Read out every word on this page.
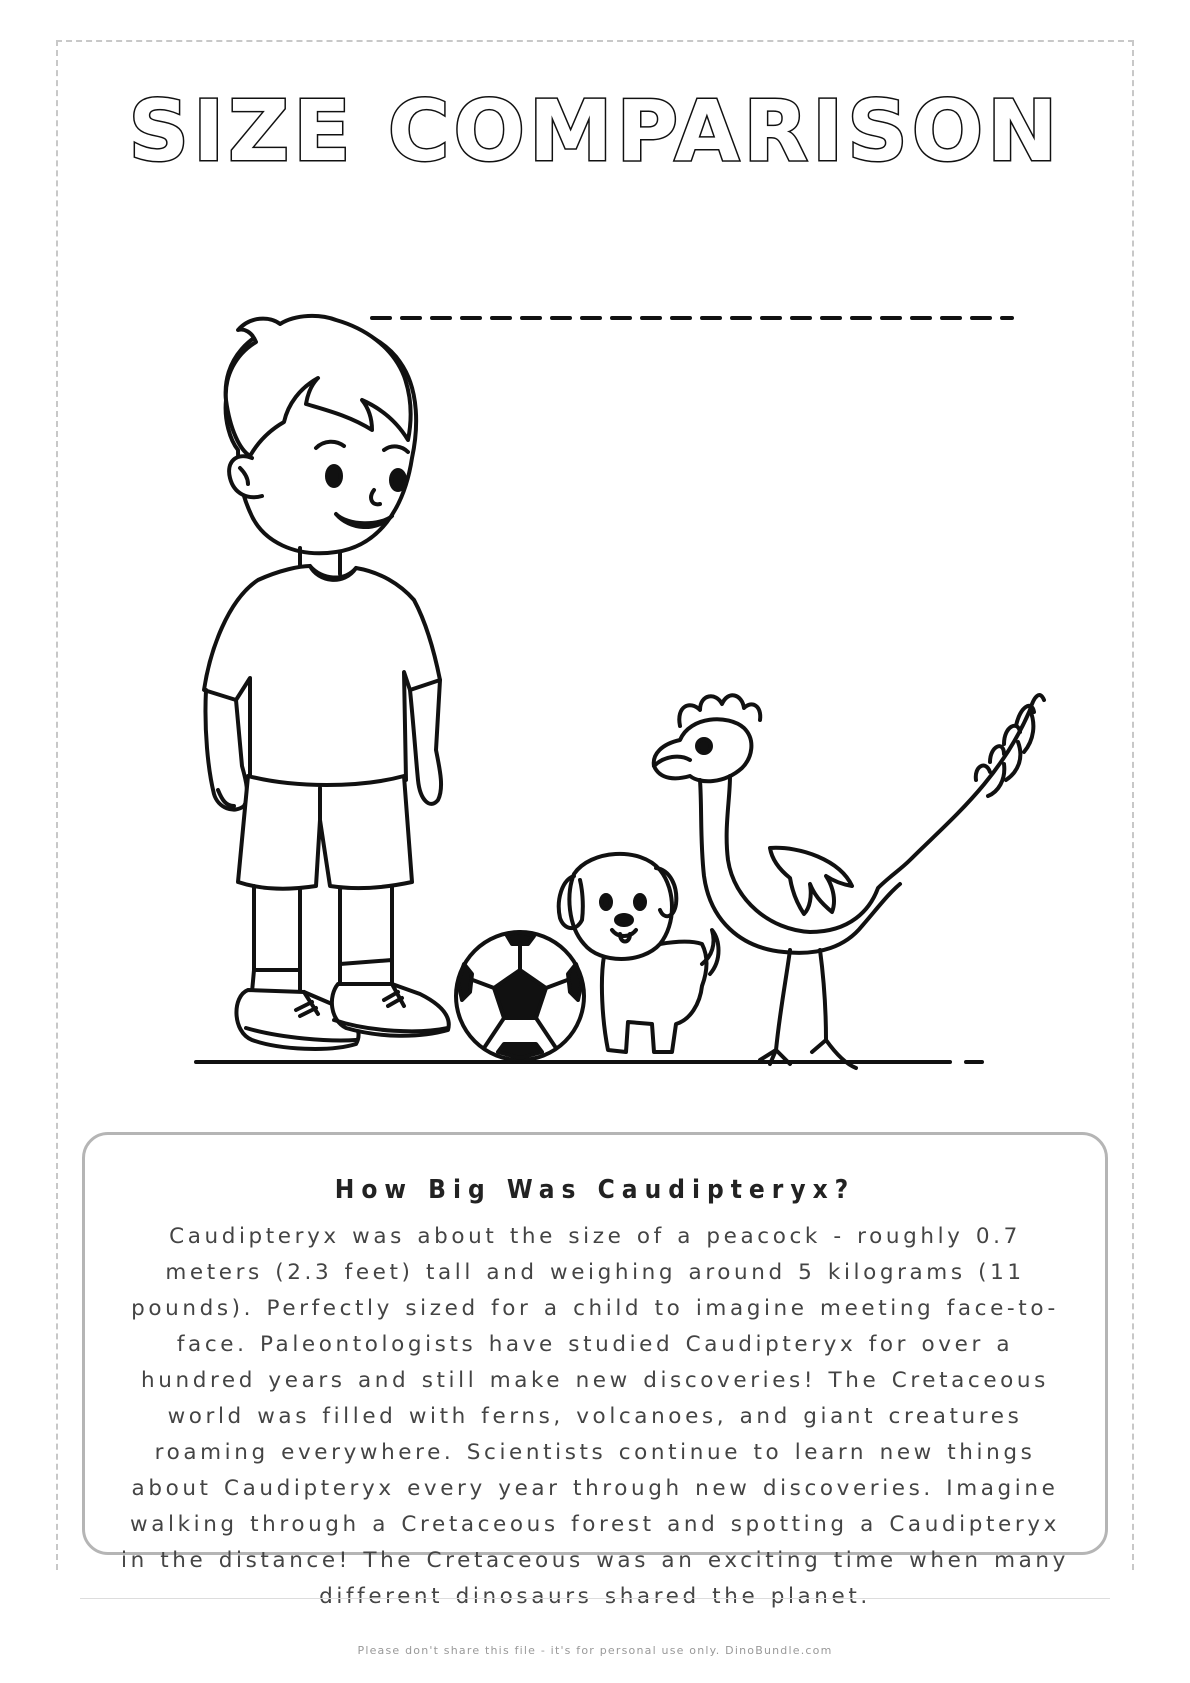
SIZE COMPARISON
How Big Was Caudipteryx?

Caudipteryx was about the size of a peacock - roughly 0.7 meters (2.3 feet) tall and weighing around 5 kilograms (11 pounds). Perfectly sized for a child to imagine meeting face-to-face. Paleontologists have studied Caudipteryx for over a hundred years and still make new discoveries! The Cretaceous world was filled with ferns, volcanoes, and giant creatures roaming everywhere. Scientists continue to learn new things about Caudipteryx every year through new discoveries. Imagine walking through a Cretaceous forest and spotting a Caudipteryx in the distance! The Cretaceous was an exciting time when many different dinosaurs shared the planet.

Please don't share this file - it's for personal use only. DinoBundle.com
